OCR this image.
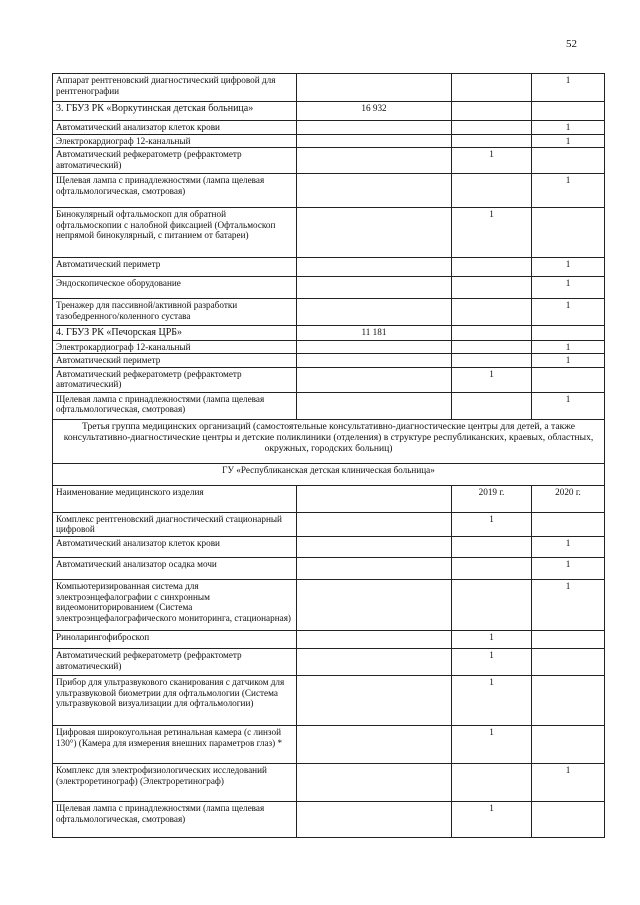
52
Аппарат рентгеновский диагностический цифровой для рентгенографии			1
3. ГБУЗ РК «Воркутинская детская больница»	16 932		
Автоматический анализатор клеток крови			1
Электрокардиограф 12-канальный			1
Автоматический рефкератометр (рефрактометр автоматический)		1	
Щелевая лампа с принадлежностями (лампа щелевая офтальмологическая, смотровая)			1
Бинокулярный офтальмоскоп для обратной офтальмоскопии с налобной фиксацией (Офтальмоскоп непрямой бинокулярный, с питанием от батареи)		1	
Автоматический периметр			1
Эндоскопическое оборудование			1
Тренажер для пассивной/активной разработки тазобедренного/коленного сустава			1
4. ГБУЗ РК «Печорская ЦРБ»	11 181		
Электрокардиограф 12-канальный			1
Автоматический периметр			1
Автоматический рефкератометр (рефрактометр автоматический)		1	
Щелевая лампа с принадлежностями (лампа щелевая офтальмологическая, смотровая)			1
Третья группа медицинских организаций (самостоятельные консультативно-диагностические центры для детей, а также консультативно-диагностические центры и детские поликлиники (отделения) в структуре республиканских, краевых, областных, окружных, городских больниц)			
ГУ «Республиканская детская клиническая больница»			
Наименование медицинского изделия		2019 г.	2020 г.
Комплекс рентгеновский диагностический стационарный цифровой		1	
Автоматический анализатор клеток крови			1
Автоматический анализатор осадка мочи			1
Компьютеризированная система для электроэнцефалографии с синхронным видеомониторированием (Система электроэнцефалографического мониторинга, стационарная)			1
Риноларингофиброскоп		1	
Автоматический рефкератометр (рефрактометр автоматический)		1	
Прибор для ультразвукового сканирования с датчиком для ультразвуковой биометрии для офтальмологии (Система ультразвуковой визуализации для офтальмологии)		1	
Цифровая широкоугольная ретинальная камера (с линзой 130°) (Камера для измерения внешних параметров глаз) *		1	
Комплекс для электрофизиологических исследований (электроретинограф) (Электроретинограф)			1
Щелевая лампа с принадлежностями (лампа щелевая офтальмологическая, смотровая)		1	
